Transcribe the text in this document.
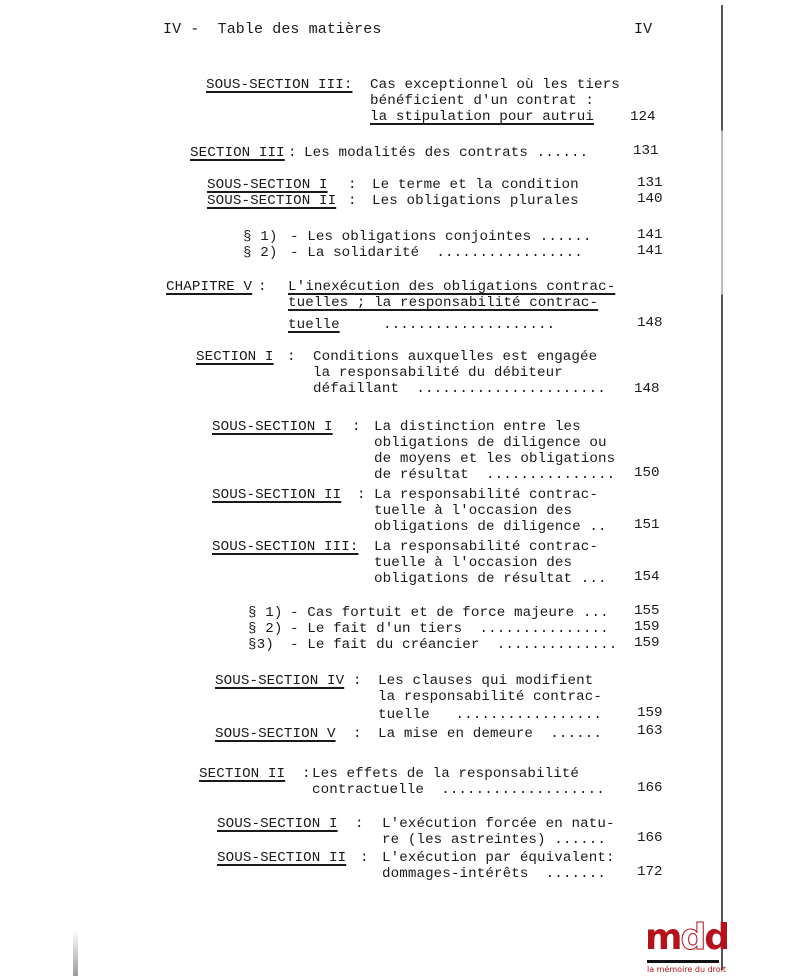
IV -  Table des matières	IV
SOUS-SECTION III: Cas exceptionnel où les tiers
bénéficient d'un contrat :
la stipulation pour autrui	124
SECTION III : Les modalités des contrats ......	131
SOUS-SECTION I : Le terme et la condition	131
SOUS-SECTION II : Les obligations plurales	140
§ 1) - Les obligations conjointes ......	141
§ 2) - La solidarité  .................	141
CHAPITRE V : L'inexécution des obligations contrac-
tuelles ; la responsabilité contrac-
tuelle	....................	148
SECTION I : Conditions auxquelles est engagée
la responsabilité du débiteur
défaillant  ...................... 148
SOUS-SECTION I : La distinction entre les
obligations de diligence ou
de moyens et les obligations
de résultat  ............... 150
SOUS-SECTION II : La responsabilité contrac-
tuelle à l'occasion des
obligations de diligence .. 151
SOUS-SECTION III: La responsabilité contrac-
tuelle à l'occasion des
obligations de résultat ... 154
§ 1) - Cas fortuit et de force majeure ... 155
§ 2) - Le fait d'un tiers  ............... 159
§3) - Le fait du créancier  .............. 159
SOUS-SECTION IV : Les clauses qui modifient
la responsabilité contrac-
tuelle   ................. 159
SOUS-SECTION V : La mise en demeure  ...... 163
SECTION II : Les effets de la responsabilité
contractuelle  ................... 166
SOUS-SECTION I : L'exécution forcée en natu-
re (les astreintes) ...... 166
SOUS-SECTION II : L'exécution par équivalent:
dommages-intérêts  ....... 172
mdd
la mémoire du droit
